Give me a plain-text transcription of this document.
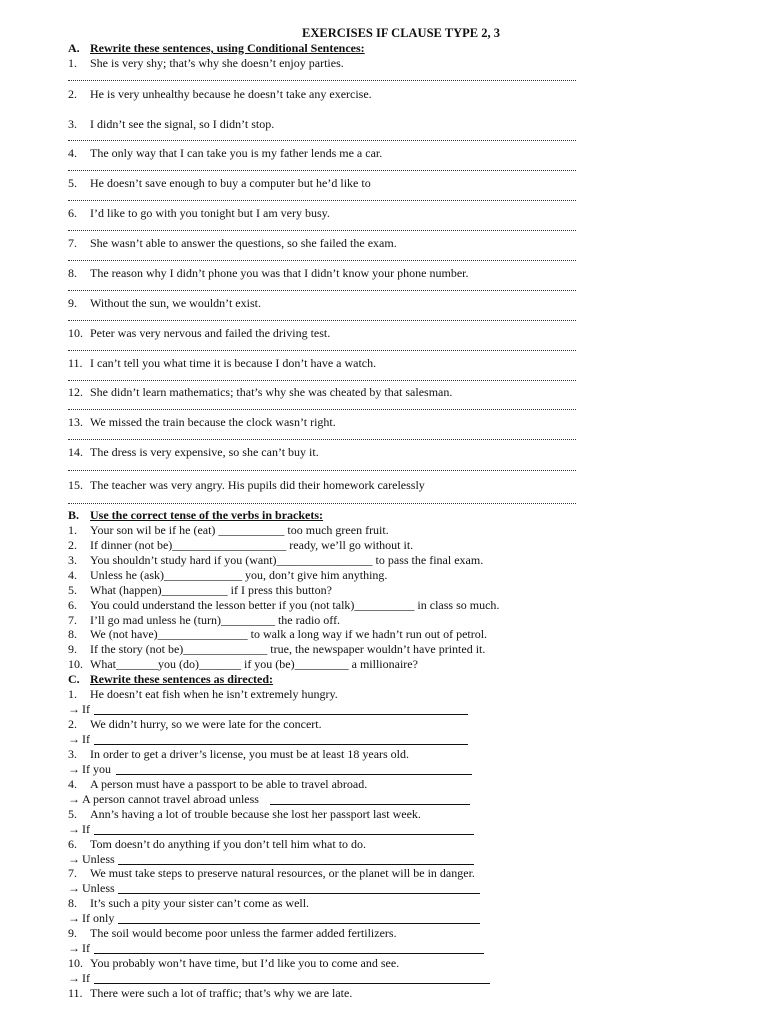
EXERCISES IF CLAUSE TYPE 2, 3
A. Rewrite these sentences, using Conditional Sentences:
1. She is very shy; that’s why she doesn’t enjoy parties.
2. He is very unhealthy because he doesn’t take any exercise.
3. I didn’t see the signal, so I didn’t stop.
4. The only way that I can take you is my father lends me a car.
5. He doesn’t save enough to buy a computer but he’d like to
6. I’d like to go with you tonight but I am very busy.
7. She wasn’t able to answer the questions, so she failed the exam.
8. The reason why I didn’t phone you was that I didn’t know your phone number.
9. Without the sun, we wouldn’t exist.
10. Peter was very nervous and failed the driving test.
11. I can’t tell you what time it is because I don’t have a watch.
12. She didn’t learn mathematics; that’s why she was cheated by that salesman.
13. We missed the train because the clock wasn’t right.
14. The dress is very expensive, so she can’t buy it.
15. The teacher was very angry. His pupils did their homework carelessly
B. Use the correct tense of the verbs in brackets:
1. Your son wil be if he (eat) ___________ too much green fruit.
2. If dinner (not be)___________________ ready, we’ll go without it.
3. You shouldn’t study hard if you (want)________________ to pass the final exam.
4. Unless he (ask)_____________ you, don’t give him anything.
5. What (happen)___________ if I press this button?
6. You could understand the lesson better if you (not talk)__________ in class so much.
7. I’ll go mad unless he (turn)_________ the radio off.
8. We (not have)_______________ to walk a long way if we hadn’t run out of petrol.
9. If the story (not be)______________ true, the newspaper wouldn’t have printed it.
10. What_______you (do)_______ if you (be)_________ a millionaire?
C. Rewrite these sentences as directed:
1. He doesn’t eat fish when he isn’t extremely hungry.
→ If
2. We didn’t hurry, so we were late for the concert.
→ If
3. In order to get a driver’s license, you must be at least 18 years old.
→ If you
4. A person must have a passport to be able to travel abroad.
→ A person cannot travel abroad unless
5. Ann’s having a lot of trouble because she lost her passport last week.
→ If
6. Tom doesn’t do anything if you don’t tell him what to do.
→ Unless
7. We must take steps to preserve natural resources, or the planet will be in danger.
→ Unless
8. It’s such a pity your sister can’t come as well.
→ If only
9. The soil would become poor unless the farmer added fertilizers.
→ If
10. You probably won’t have time, but I’d like you to come and see.
→ If
11. There were such a lot of traffic; that’s why we are late.
